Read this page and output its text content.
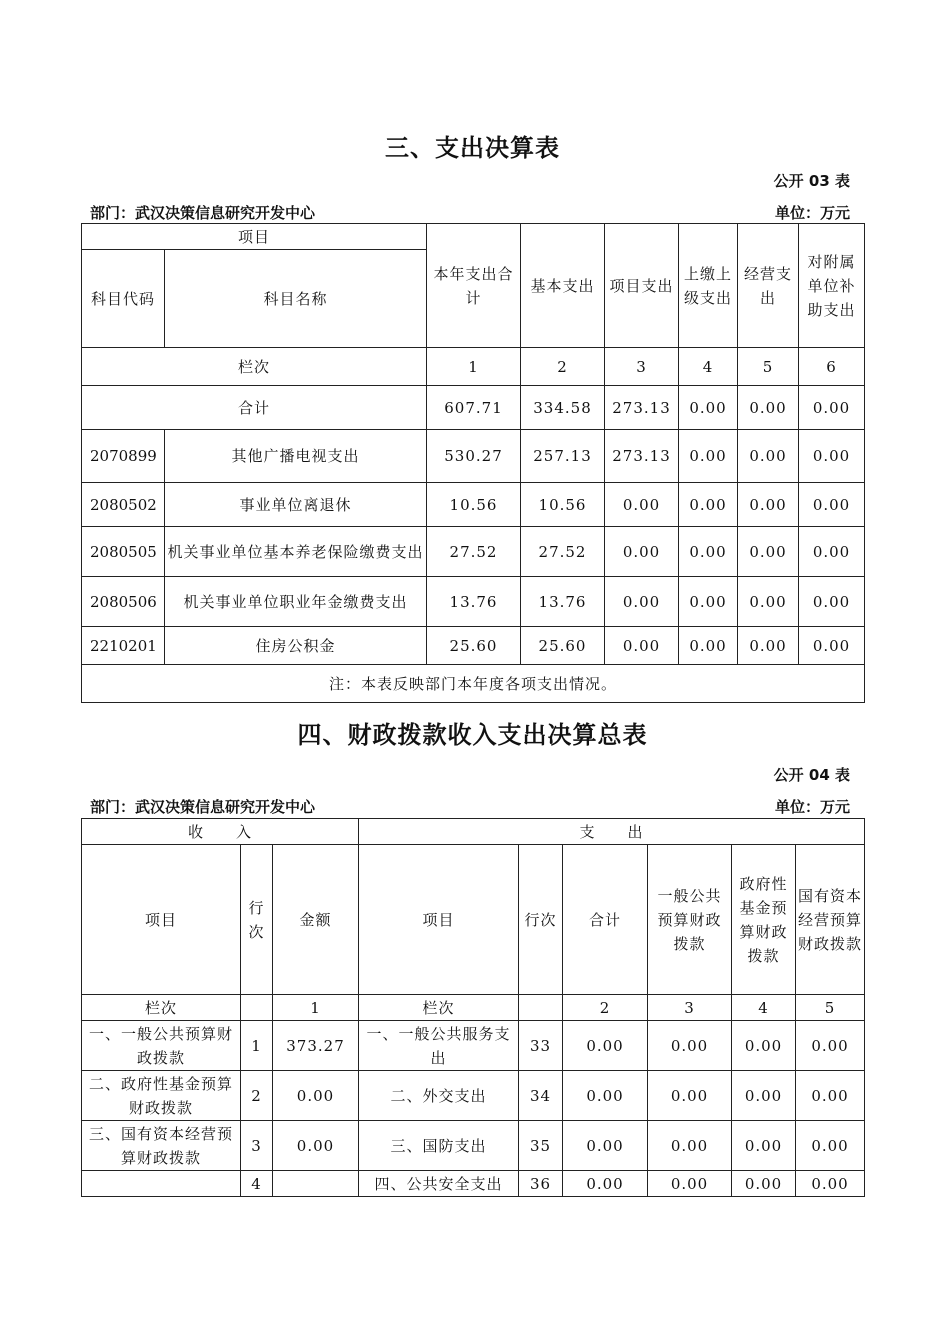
三、支出决算表
公开 03 表
部门：武汉决策信息研究开发中心	单位：万元
项目		本年支出合计	基本支出	项目支出	上缴上级支出	经营支出	对附属单位补助支出
科目代码	科目名称						
栏次		1	2	3	4	5	6
合计		607.71	334.58	273.13	0.00	0.00	0.00
2070899	其他广播电视支出	530.27	257.13	273.13	0.00	0.00	0.00
2080502	事业单位离退休	10.56	10.56	0.00	0.00	0.00	0.00
2080505	机关事业单位基本养老保险缴费支出	27.52	27.52	0.00	0.00	0.00	0.00
2080506	机关事业单位职业年金缴费支出	13.76	13.76	0.00	0.00	0.00	0.00
2210201	住房公积金	25.60	25.60	0.00	0.00	0.00	0.00
注：本表反映部门本年度各项支出情况。							
四、财政拨款收入支出决算总表
公开 04 表
部门：武汉决策信息研究开发中心	单位：万元
收　　入			支　　出					
项目	行次	金额	项目	行次	合计	一般公共预算财政拨款	政府性基金预算财政拨款	国有资本经营预算财政拨款
栏次		1	栏次		2	3	4	5
一、一般公共预算财政拨款	1	373.27	一、一般公共服务支出	33	0.00	0.00	0.00	0.00
二、政府性基金预算财政拨款	2	0.00	二、外交支出	34	0.00	0.00	0.00	0.00
三、国有资本经营预算财政拨款	3	0.00	三、国防支出	35	0.00	0.00	0.00	0.00
	4		四、公共安全支出	36	0.00	0.00	0.00	0.00
